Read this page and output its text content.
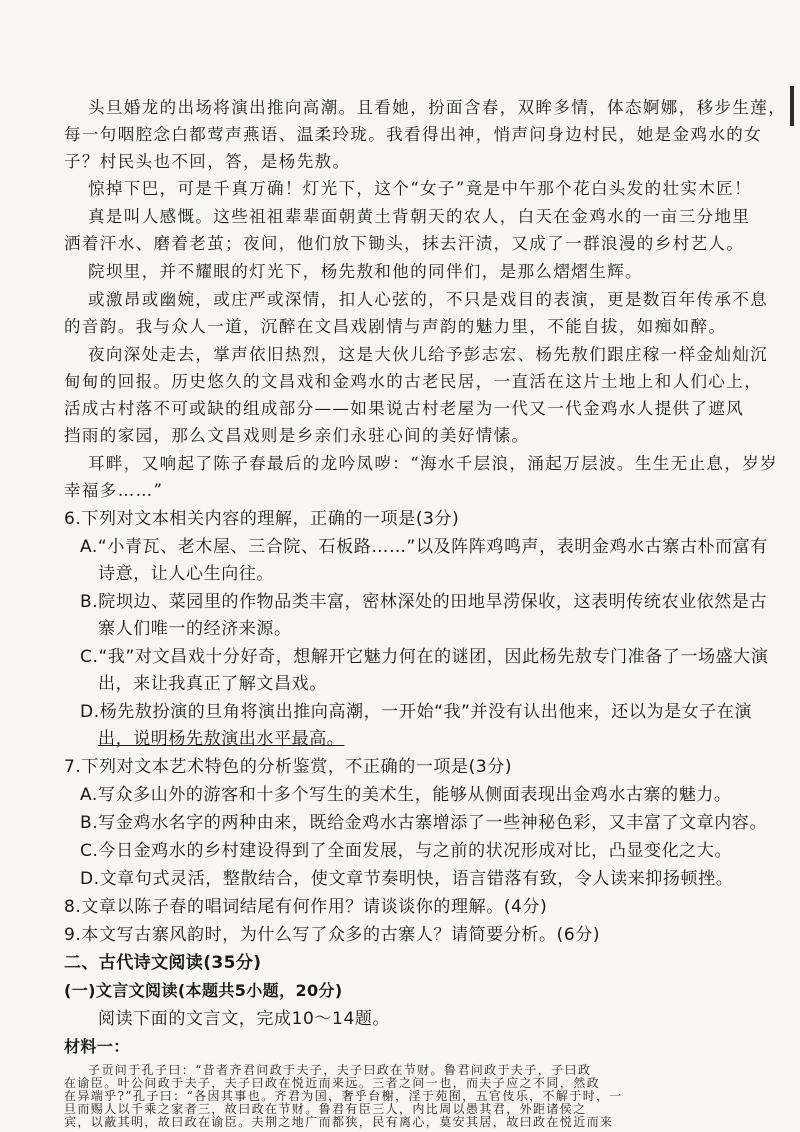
头旦婚龙的出场将演出推向高潮。且看她，扮面含春，双眸多情，体态婀娜，移步生莲，

每一句咽腔念白都莺声燕语、温柔玲珑。我看得出神，悄声问身边村民，她是金鸡水的女

子？村民头也不回，答，是杨先敖。

惊掉下巴，可是千真万确！灯光下，这个“女子”竟是中午那个花白头发的壮实木匠！

真是叫人感慨。这些祖祖辈辈面朝黄土背朝天的农人，白天在金鸡水的一亩三分地里

洒着汗水、磨着老茧；夜间，他们放下锄头，抹去汗渍，又成了一群浪漫的乡村艺人。

院坝里，并不耀眼的灯光下，杨先敖和他的同伴们，是那么熠熠生辉。

或激昂或幽婉，或庄严或深情，扣人心弦的，不只是戏目的表演，更是数百年传承不息

的音韵。我与众人一道，沉醉在文昌戏剧情与声韵的魅力里，不能自拔，如痴如醉。

夜向深处走去，掌声依旧热烈，这是大伙儿给予彭志宏、杨先敖们跟庄稼一样金灿灿沉

甸甸的回报。历史悠久的文昌戏和金鸡水的古老民居，一直活在这片土地上和人们心上，

活成古村落不可或缺的组成部分——如果说古村老屋为一代又一代金鸡水人提供了遮风

挡雨的家园，那么文昌戏则是乡亲们永驻心间的美好情愫。

耳畔，又响起了陈子春最后的龙吟凤哕：“海水千层浪，涌起万层波。生生无止息，岁岁

幸福多……”

6.下列对文本相关内容的理解，正确的一项是(3分)

A.“小青瓦、老木屋、三合院、石板路……”以及阵阵鸡鸣声，表明金鸡水古寨古朴而富有

诗意，让人心生向往。

B.院坝边、菜园里的作物品类丰富，密林深处的田地旱涝保收，这表明传统农业依然是古

寨人们唯一的经济来源。

C.“我”对文昌戏十分好奇，想解开它魅力何在的谜团，因此杨先敖专门准备了一场盛大演

出，来让我真正了解文昌戏。

D.杨先敖扮演的旦角将演出推向高潮，一开始“我”并没有认出他来，还以为是女子在演

出，说明杨先敖演出水平最高。

7.下列对文本艺术特色的分析鉴赏，不正确的一项是(3分)

A.写众多山外的游客和十多个写生的美术生，能够从侧面表现出金鸡水古寨的魅力。

B.写金鸡水名字的两种由来，既给金鸡水古寨增添了一些神秘色彩，又丰富了文章内容。

C.今日金鸡水的乡村建设得到了全面发展，与之前的状况形成对比，凸显变化之大。

D.文章句式灵活，整散结合，使文章节奏明快，语言错落有致，令人读来抑扬顿挫。

8.文章以陈子春的唱词结尾有何作用？请谈谈你的理解。(4分)

9.本文写古寨风韵时，为什么写了众多的古寨人？请简要分析。(6分)

二、古代诗文阅读(35分)

(一)文言文阅读(本题共5小题，20分)

阅读下面的文言文，完成10～14题。

材料一：

子贡问于孔子曰：“昔者齐君问政于夫子，夫子曰政在节财。鲁君问政于夫子，子曰政

在谕臣。叶公问政于夫子，夫子曰政在悦近而来远。三者之问一也，而夫子应之不同，然政

在异端乎?”孔子曰：“各因其事也。齐君为国，奢乎台榭，淫于苑囿，五官伎乐，不解于时，一

旦而赐人以千乘之家者三，故曰政在节财。鲁君有臣三人，内比周以愚其君，外距诸侯之

宾，以蔽其明，故曰政在谕臣。夫荆之地广而都狭，民有离心，莫安其居，故曰政在悦近而来
